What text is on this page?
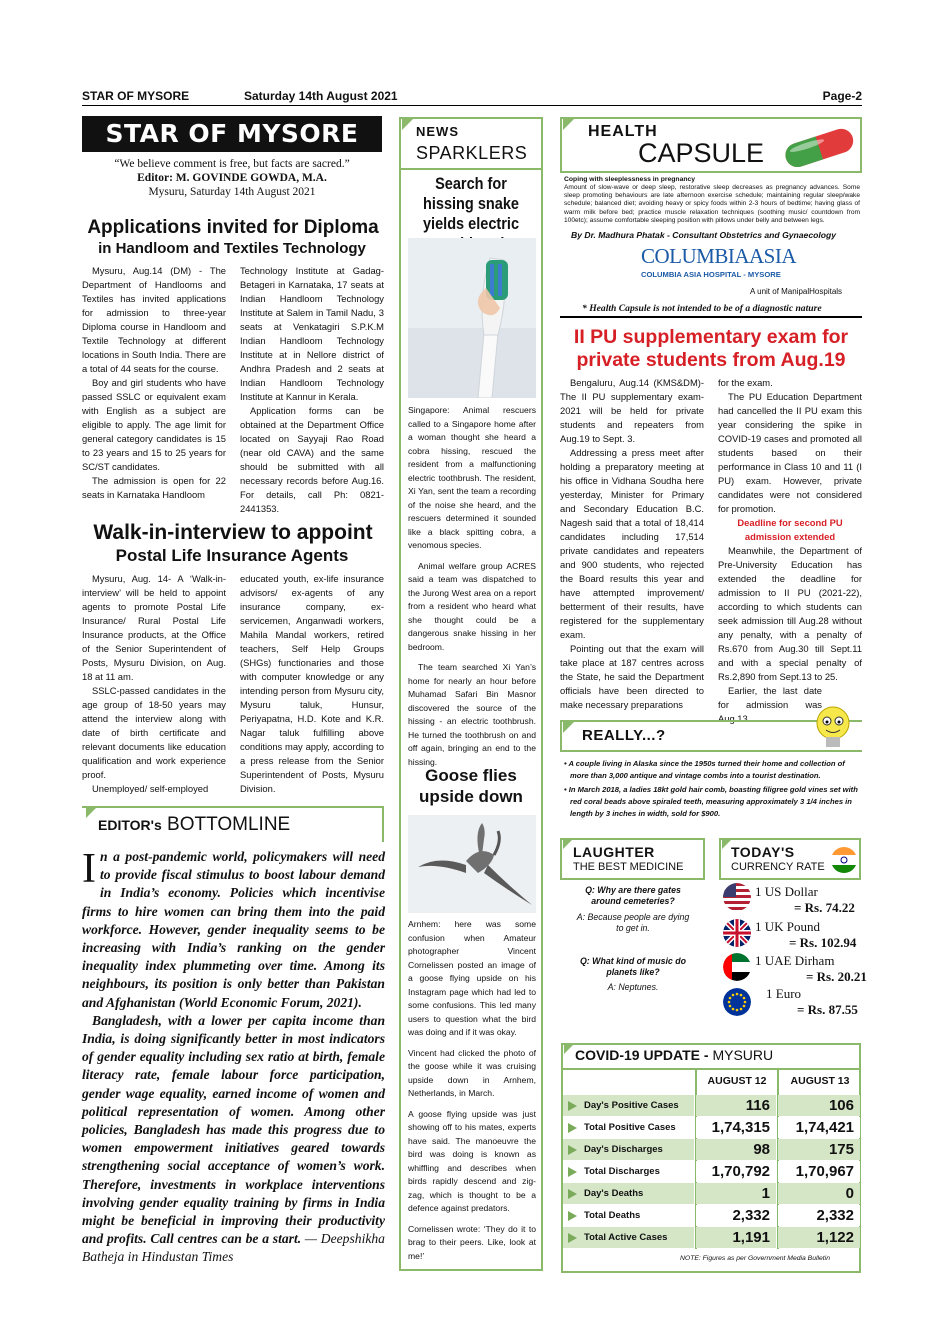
STAR OF MYSORE	Saturday 14th August 2021	Page-2
STAR OF MYSORE
“We believe comment is free, but facts are sacred.”
Editor: M. GOVINDE GOWDA, M.A.
Mysuru, Saturday 14th August 2021
Applications invited for Diploma
in Handloom and Textiles Technology

Mysuru, Aug.14 (DM) - The Department of Handlooms and Textiles has invited applications for admission to three-year Diploma course in Handloom and Textile Technology at different locations in South India. There are a total of 44 seats for the course.

Boy and girl students who have passed SSLC or equivalent exam with English as a subject are eligible to apply. The age limit for general category candidates is 15 to 23 years and 15 to 25 years for SC/ST candidates.

The admission is open for 22 seats in Karnataka Handloom

Technology Institute at Gadag-Betageri in Karnataka, 17 seats at Indian Handloom Technology Institute at Salem in Tamil Nadu, 3 seats at Venkatagiri S.P.K.M Indian Handloom Technology Institute at in Nellore district of Andhra Pradesh and 2 seats at Indian Handloom Technology Institute at Kannur in Kerala.

Application forms can be obtained at the Department Office located on Sayyaji Rao Road (near old CAVA) and the same should be submitted with all necessary records before Aug.16. For details, call Ph: 0821- 2441353.

Walk-in-interview to appoint
Postal Life Insurance Agents

Mysuru, Aug. 14- A ‘Walk-in-interview’ will be held to appoint agents to promote Postal Life Insurance/ Rural Postal Life Insurance products, at the Office of the Senior Superintendent of Posts, Mysuru Division, on Aug. 18 at 11 am.

SSLC-passed candidates in the age group of 18-50 years may attend the interview along with date of birth certificate and relevant documents like education qualification and work experience proof.

Unemployed/ self-employed

educated youth, ex-life insurance advisors/ ex-agents of any insurance company, ex-servicemen, Anganwadi workers, Mahila Mandal workers, retired teachers, Self Help Groups (SHGs) functionaries and those with computer knowledge or any intending person from Mysuru city, Mysuru taluk, Hunsur, Periyapatna, H.D. Kote and K.R. Nagar taluk fulfilling above conditions may apply, according to a press release from the Senior Superintendent of Posts, Mysuru Division.

EDITOR's BOTTOMLINE

In a post-pandemic world, policymakers will need to provide fiscal stimulus to boost labour demand in India’s economy. Policies which incentivise firms to hire women can bring them into the paid workforce. However, gender inequality seems to be increasing with India’s ranking on the gender inequality index plummeting over time. Among its neighbours, its position is only better than Pakistan and Afghanistan (World Economic Forum, 2021).

Bangladesh, with a lower per capita income than India, is doing significantly better in most indicators of gender equality including sex ratio at birth, female literacy rate, female labour force participation, gender wage equality, earned income of women and political representation of women. Among other policies, Bangladesh has made this progress due to women empowerment initiatives geared towards strengthening social acceptance of women’s work. Therefore, investments in workplace interventions involving gender equality training by firms in India might be beneficial in improving their productivity and profits. Call centres can be a start. — Deepshikha Batheja in Hindustan Times

NEWS
SPARKLERS
Search for hissing snake yields electric

Singapore: Animal rescuers called to a Singapore home after a woman thought she heard a cobra hissing, rescued the resident from a malfunctioning electric toothbrush. The resident, Xi Yan, sent the team a recording of the noise she heard, and the rescuers determined it sounded like a black spitting cobra, a venomous species.

Animal welfare group ACRES said a team was dispatched to the Jurong West area on a report from a resident who heard what she thought could be a dangerous snake hissing in her bedroom.

The team searched Xi Yan’s home for nearly an hour before Muhamad Safari Bin Masnor discovered the source of the hissing - an electric toothbrush. He turned the toothbrush on and off again, bringing an end to the hissing.

Goose flies upside down

Arnhem: here was some confusion when Amateur photographer Vincent Cornelissen posted an image of a goose flying upside on his Instagram page which had led to some confusions. This led many users to question what the bird was doing and if it was okay.

Vincent had clicked the photo of the goose while it was cruising upside down in Arnhem, Netherlands, in March.

A goose flying upside was just showing off to his mates, experts have said. The manoeuvre the bird was doing is known as whiffling and describes when birds rapidly descend and zig-zag, which is thought to be a defence against predators.

Cornelissen wrote: ‘They do it to brag to their peers. Like, look at me!’

HEALTH
CAPSULE
Coping with sleeplessness in pregnancy
Amount of slow-wave or deep sleep, restorative sleep decreases as pregnancy advances. Some sleep promoting behaviours are late afternoon exercise schedule; maintaining regular sleep/wake schedule; balanced diet; avoiding heavy or spicy foods within 2-3 hours of bedtime; having glass of warm milk before bed; practice muscle relaxation techniques (soothing music/ countdown from 100etc); assume comfortable sleeping position with pillows under belly and between legs.
By Dr. Madhura Phatak - Consultant Obstetrics and Gynaecology
COLUMBIAASIA
COLUMBIA ASIA HOSPITAL - MYSORE
A unit of ManipalHospitals
* Health Capsule is not intended to be of a diagnostic nature
II PU supplementary exam for
private students from Aug.19

Bengaluru, Aug.14 (KMS&DM)- The II PU supplementary exam-2021 will be held for private students and repeaters from Aug.19 to Sept. 3.

Addressing a press meet after holding a preparatory meeting at his office in Vidhana Soudha here yesterday, Minister for Primary and Secondary Education B.C. Nagesh said that a total of 18,414 candidates including 17,514 private candidates and repeaters and 900 students, who rejected the Board results this year and have attempted improvement/ betterment of their results, have registered for the supplementary exam.

Pointing out that the exam will take place at 187 centres across the State, he said the Department officials have been directed to make necessary preparations

for the exam.

The PU Education Department had cancelled the II PU exam this year considering the spike in COVID-19 cases and promoted all students based on their performance in Class 10 and 11 (I PU) exam. However, private candidates were not considered for promotion.

Deadline for second PU admission extended

Meanwhile, the Department of Pre-University Education has extended the deadline for admission to II PU (2021-22), according to which students can seek admission till Aug.28 without any penalty, with a penalty of Rs.670 from Aug.30 till Sept.11 and with a special penalty of Rs.2,890 from Sept.13 to 25.

Earlier, the last date for admission was Aug.13.

REALLY...?
• A couple living in Alaska since the 1950s turned their home and collection of more than 3,000 antique and vintage combs into a tourist destination.
• In March 2018, a ladies 18kt gold hair comb, boasting filigree gold vines set with red coral beads above spiraled teeth, measuring approximately 3 1/4 inches in length by 3 inches in width, sold for $900.
LAUGHTER
THE BEST MEDICINE
Q: Why are there gates around cemeteries?
A: Because people are dying to get in.
Q: What kind of music do planets like?
A: Neptunes.
TODAY'S
CURRENCY RATE
1 US Dollar
= Rs. 74.22
1 UK Pound
= Rs. 102.94
1 UAE Dirham
= Rs. 20.21
1 Euro
= Rs. 87.55
COVID-19 UPDATE - MYSURU
AUGUST 12	AUGUST 13
Day's Positive Cases	116	106
Total Positive Cases	1,74,315	1,74,421
Day's Discharges	98	175
Total Discharges	1,70,792	1,70,967
Day's Deaths	1	0
Total Deaths	2,332	2,332
Total Active Cases	1,191	1,122
NOTE: Figures as per Government Media Bulletin
